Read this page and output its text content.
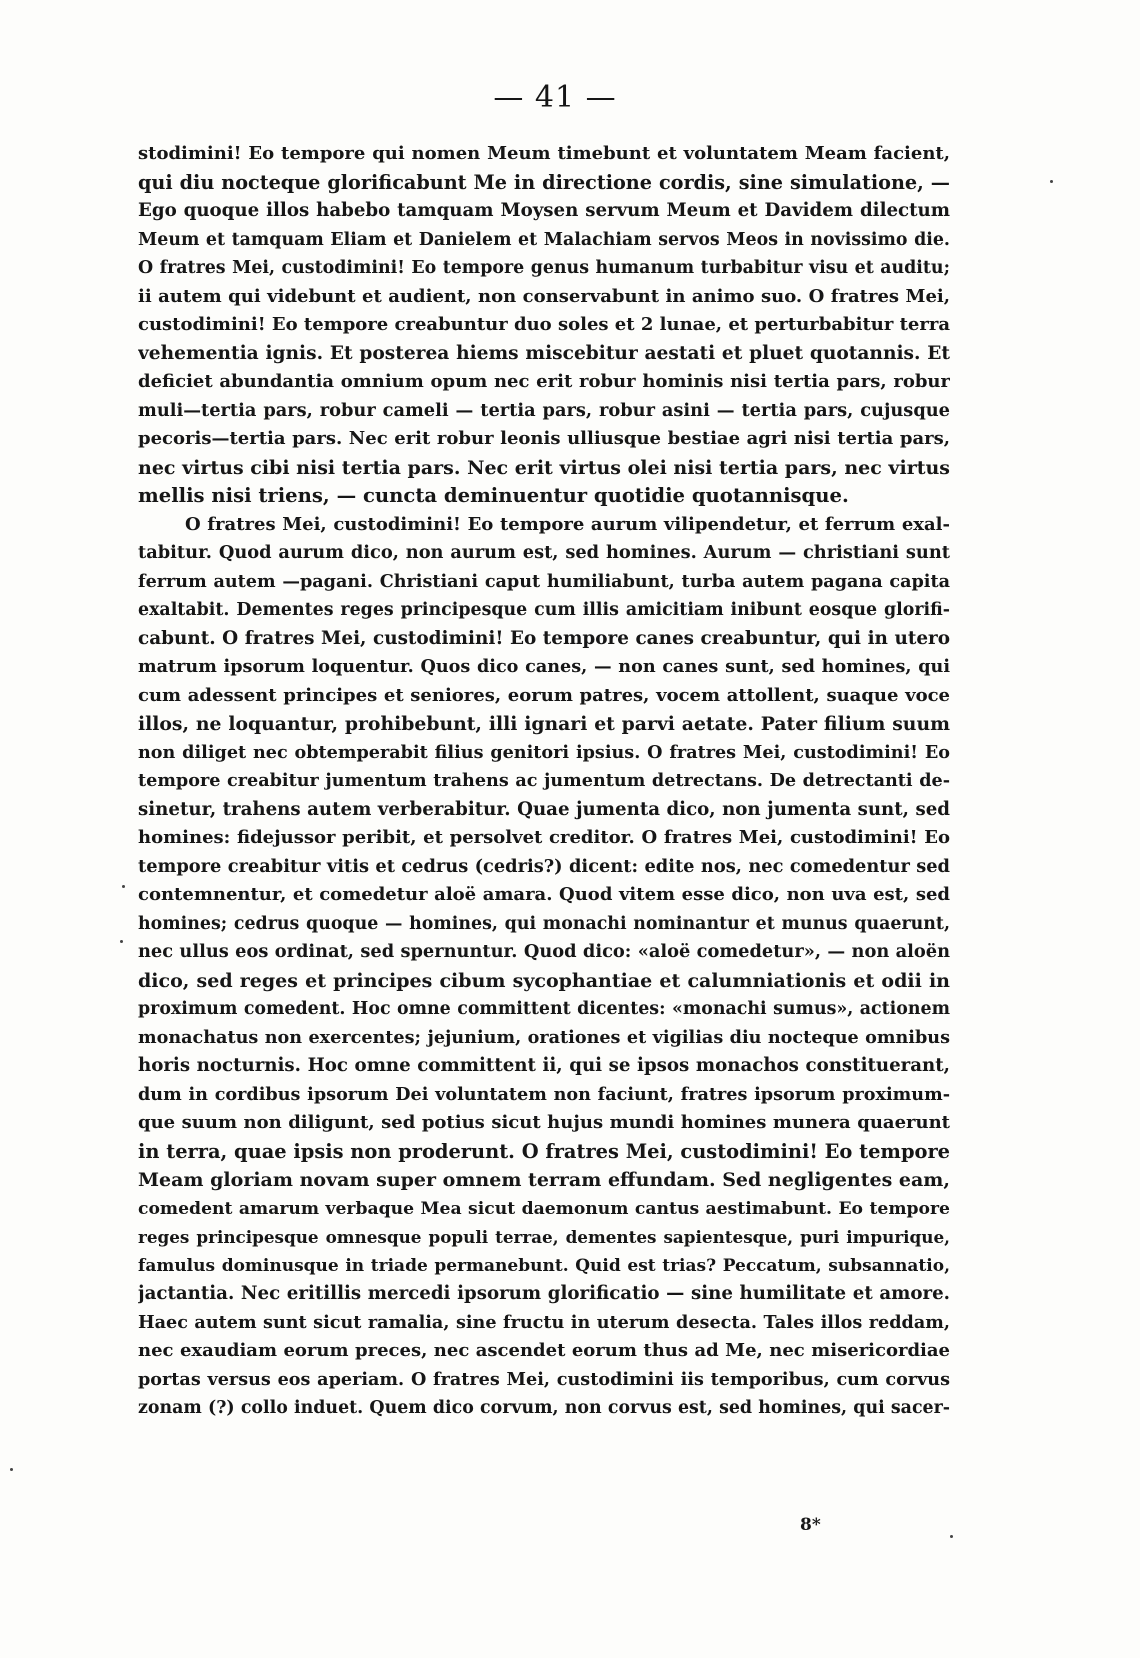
— 41 —
stodimini! Eo tempore qui nomen Meum timebunt et voluntatem Meam facient,
qui diu nocteque glorificabunt Me in directione cordis, sine simulatione, —
Ego quoque illos habebo tamquam Moysen servum Meum et Davidem dilectum
Meum et tamquam Eliam et Danielem et Malachiam servos Meos in novissimo die.
O fratres Mei, custodimini! Eo tempore genus humanum turbabitur visu et auditu;
ii autem qui videbunt et audient, non conservabunt in animo suo. O fratres Mei,
custodimini! Eo tempore creabuntur duo soles et 2 lunae, et perturbabitur terra
vehementia ignis. Et posterea hiems miscebitur aestati et pluet quotannis. Et
deficiet abundantia omnium opum nec erit robur hominis nisi tertia pars, robur
muli—tertia pars, robur cameli — tertia pars, robur asini — tertia pars, cujusque
pecoris—tertia pars. Nec erit robur leonis ulliusque bestiae agri nisi tertia pars,
nec virtus cibi nisi tertia pars. Nec erit virtus olei nisi tertia pars, nec virtus
mellis nisi triens, — cuncta deminuentur quotidie quotannisque.
O fratres Mei, custodimini! Eo tempore aurum vilipendetur, et ferrum exal-
tabitur. Quod aurum dico, non aurum est, sed homines. Aurum — christiani sunt
ferrum autem —pagani. Christiani caput humiliabunt, turba autem pagana capita
exaltabit. Dementes reges principesque cum illis amicitiam inibunt eosque glorifi-
cabunt. O fratres Mei, custodimini! Eo tempore canes creabuntur, qui in utero
matrum ipsorum loquentur. Quos dico canes, — non canes sunt, sed homines, qui
cum adessent principes et seniores, eorum patres, vocem attollent, suaque voce
illos, ne loquantur, prohibebunt, illi ignari et parvi aetate. Pater filium suum
non diliget nec obtemperabit filius genitori ipsius. O fratres Mei, custodimini! Eo
tempore creabitur jumentum trahens ac jumentum detrectans. De detrectanti de-
sinetur, trahens autem verberabitur. Quae jumenta dico, non jumenta sunt, sed
homines: fidejussor peribit, et persolvet creditor. O fratres Mei, custodimini! Eo
tempore creabitur vitis et cedrus (cedris?) dicent: edite nos, nec comedentur sed
contemnentur, et comedetur aloë amara. Quod vitem esse dico, non uva est, sed
homines; cedrus quoque — homines, qui monachi nominantur et munus quaerunt,
nec ullus eos ordinat, sed spernuntur. Quod dico: «aloë comedetur», — non aloën
dico, sed reges et principes cibum sycophantiae et calumniationis et odii in
proximum comedent. Hoc omne committent dicentes: «monachi sumus», actionem
monachatus non exercentes; jejunium, orationes et vigilias diu nocteque omnibus
horis nocturnis. Hoc omne committent ii, qui se ipsos monachos constituerant,
dum in cordibus ipsorum Dei voluntatem non faciunt, fratres ipsorum proximum-
que suum non diligunt, sed potius sicut hujus mundi homines munera quaerunt
in terra, quae ipsis non proderunt. O fratres Mei, custodimini! Eo tempore
Meam gloriam novam super omnem terram effundam. Sed negligentes eam,
comedent amarum verbaque Mea sicut daemonum cantus aestimabunt. Eo tempore
reges principesque omnesque populi terrae, dementes sapientesque, puri impurique,
famulus dominusque in triade permanebunt. Quid est trias? Peccatum, subsannatio,
jactantia. Nec eritillis mercedi ipsorum glorificatio — sine humilitate et amore.
Haec autem sunt sicut ramalia, sine fructu in uterum desecta. Tales illos reddam,
nec exaudiam eorum preces, nec ascendet eorum thus ad Me, nec misericordiae
portas versus eos aperiam. O fratres Mei, custodimini iis temporibus, cum corvus
zonam (?) collo induet. Quem dico corvum, non corvus est, sed homines, qui sacer-
8*
